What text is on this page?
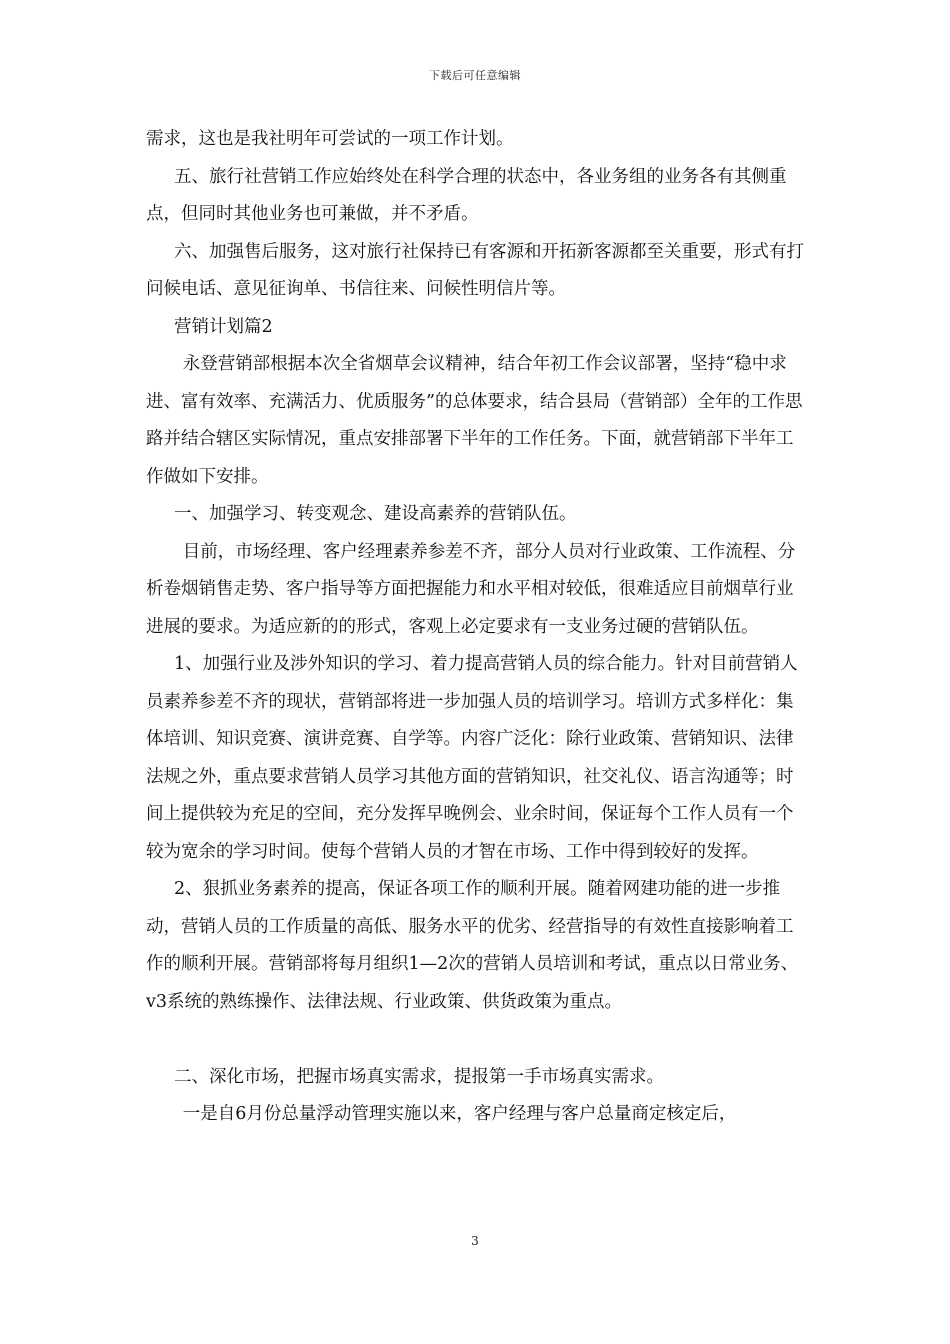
下载后可任意编辑

需求，这也是我社明年可尝试的一项工作计划。

五、旅行社营销工作应始终处在科学合理的状态中，各业务组的业务各有其侧重点，但同时其他业务也可兼做，并不矛盾。

六、加强售后服务，这对旅行社保持已有客源和开拓新客源都至关重要，形式有打问候电话、意见征询单、书信往来、问候性明信片等。

营销计划篇2

永登营销部根据本次全省烟草会议精神，结合年初工作会议部署，坚持“稳中求进、富有效率、充满活力、优质服务”的总体要求，结合县局（营销部）全年的工作思路并结合辖区实际情况，重点安排部署下半年的工作任务。下面，就营销部下半年工作做如下安排。

一、加强学习、转变观念、建设高素养的营销队伍。

目前，市场经理、客户经理素养参差不齐，部分人员对行业政策、工作流程、分析卷烟销售走势、客户指导等方面把握能力和水平相对较低，很难适应目前烟草行业进展的要求。为适应新的的形式，客观上必定要求有一支业务过硬的营销队伍。

1、加强行业及涉外知识的学习、着力提高营销人员的综合能力。针对目前营销人员素养参差不齐的现状，营销部将进一步加强人员的培训学习。培训方式多样化：集体培训、知识竞赛、演讲竞赛、自学等。内容广泛化：除行业政策、营销知识、法律法规之外，重点要求营销人员学习其他方面的营销知识，社交礼仪、语言沟通等；时间上提供较为充足的空间，充分发挥早晚例会、业余时间，保证每个工作人员有一个较为宽余的学习时间。使每个营销人员的才智在市场、工作中得到较好的发挥。

2、狠抓业务素养的提高，保证各项工作的顺利开展。随着网建功能的进一步推动，营销人员的工作质量的高低、服务水平的优劣、经营指导的有效性直接影响着工作的顺利开展。营销部将每月组织1—2次的营销人员培训和考试，重点以日常业务、v3系统的熟练操作、法律法规、行业政策、供货政策为重点。

二、深化市场，把握市场真实需求，提报第一手市场真实需求。

一是自6月份总量浮动管理实施以来，客户经理与客户总量商定核定后，

3
